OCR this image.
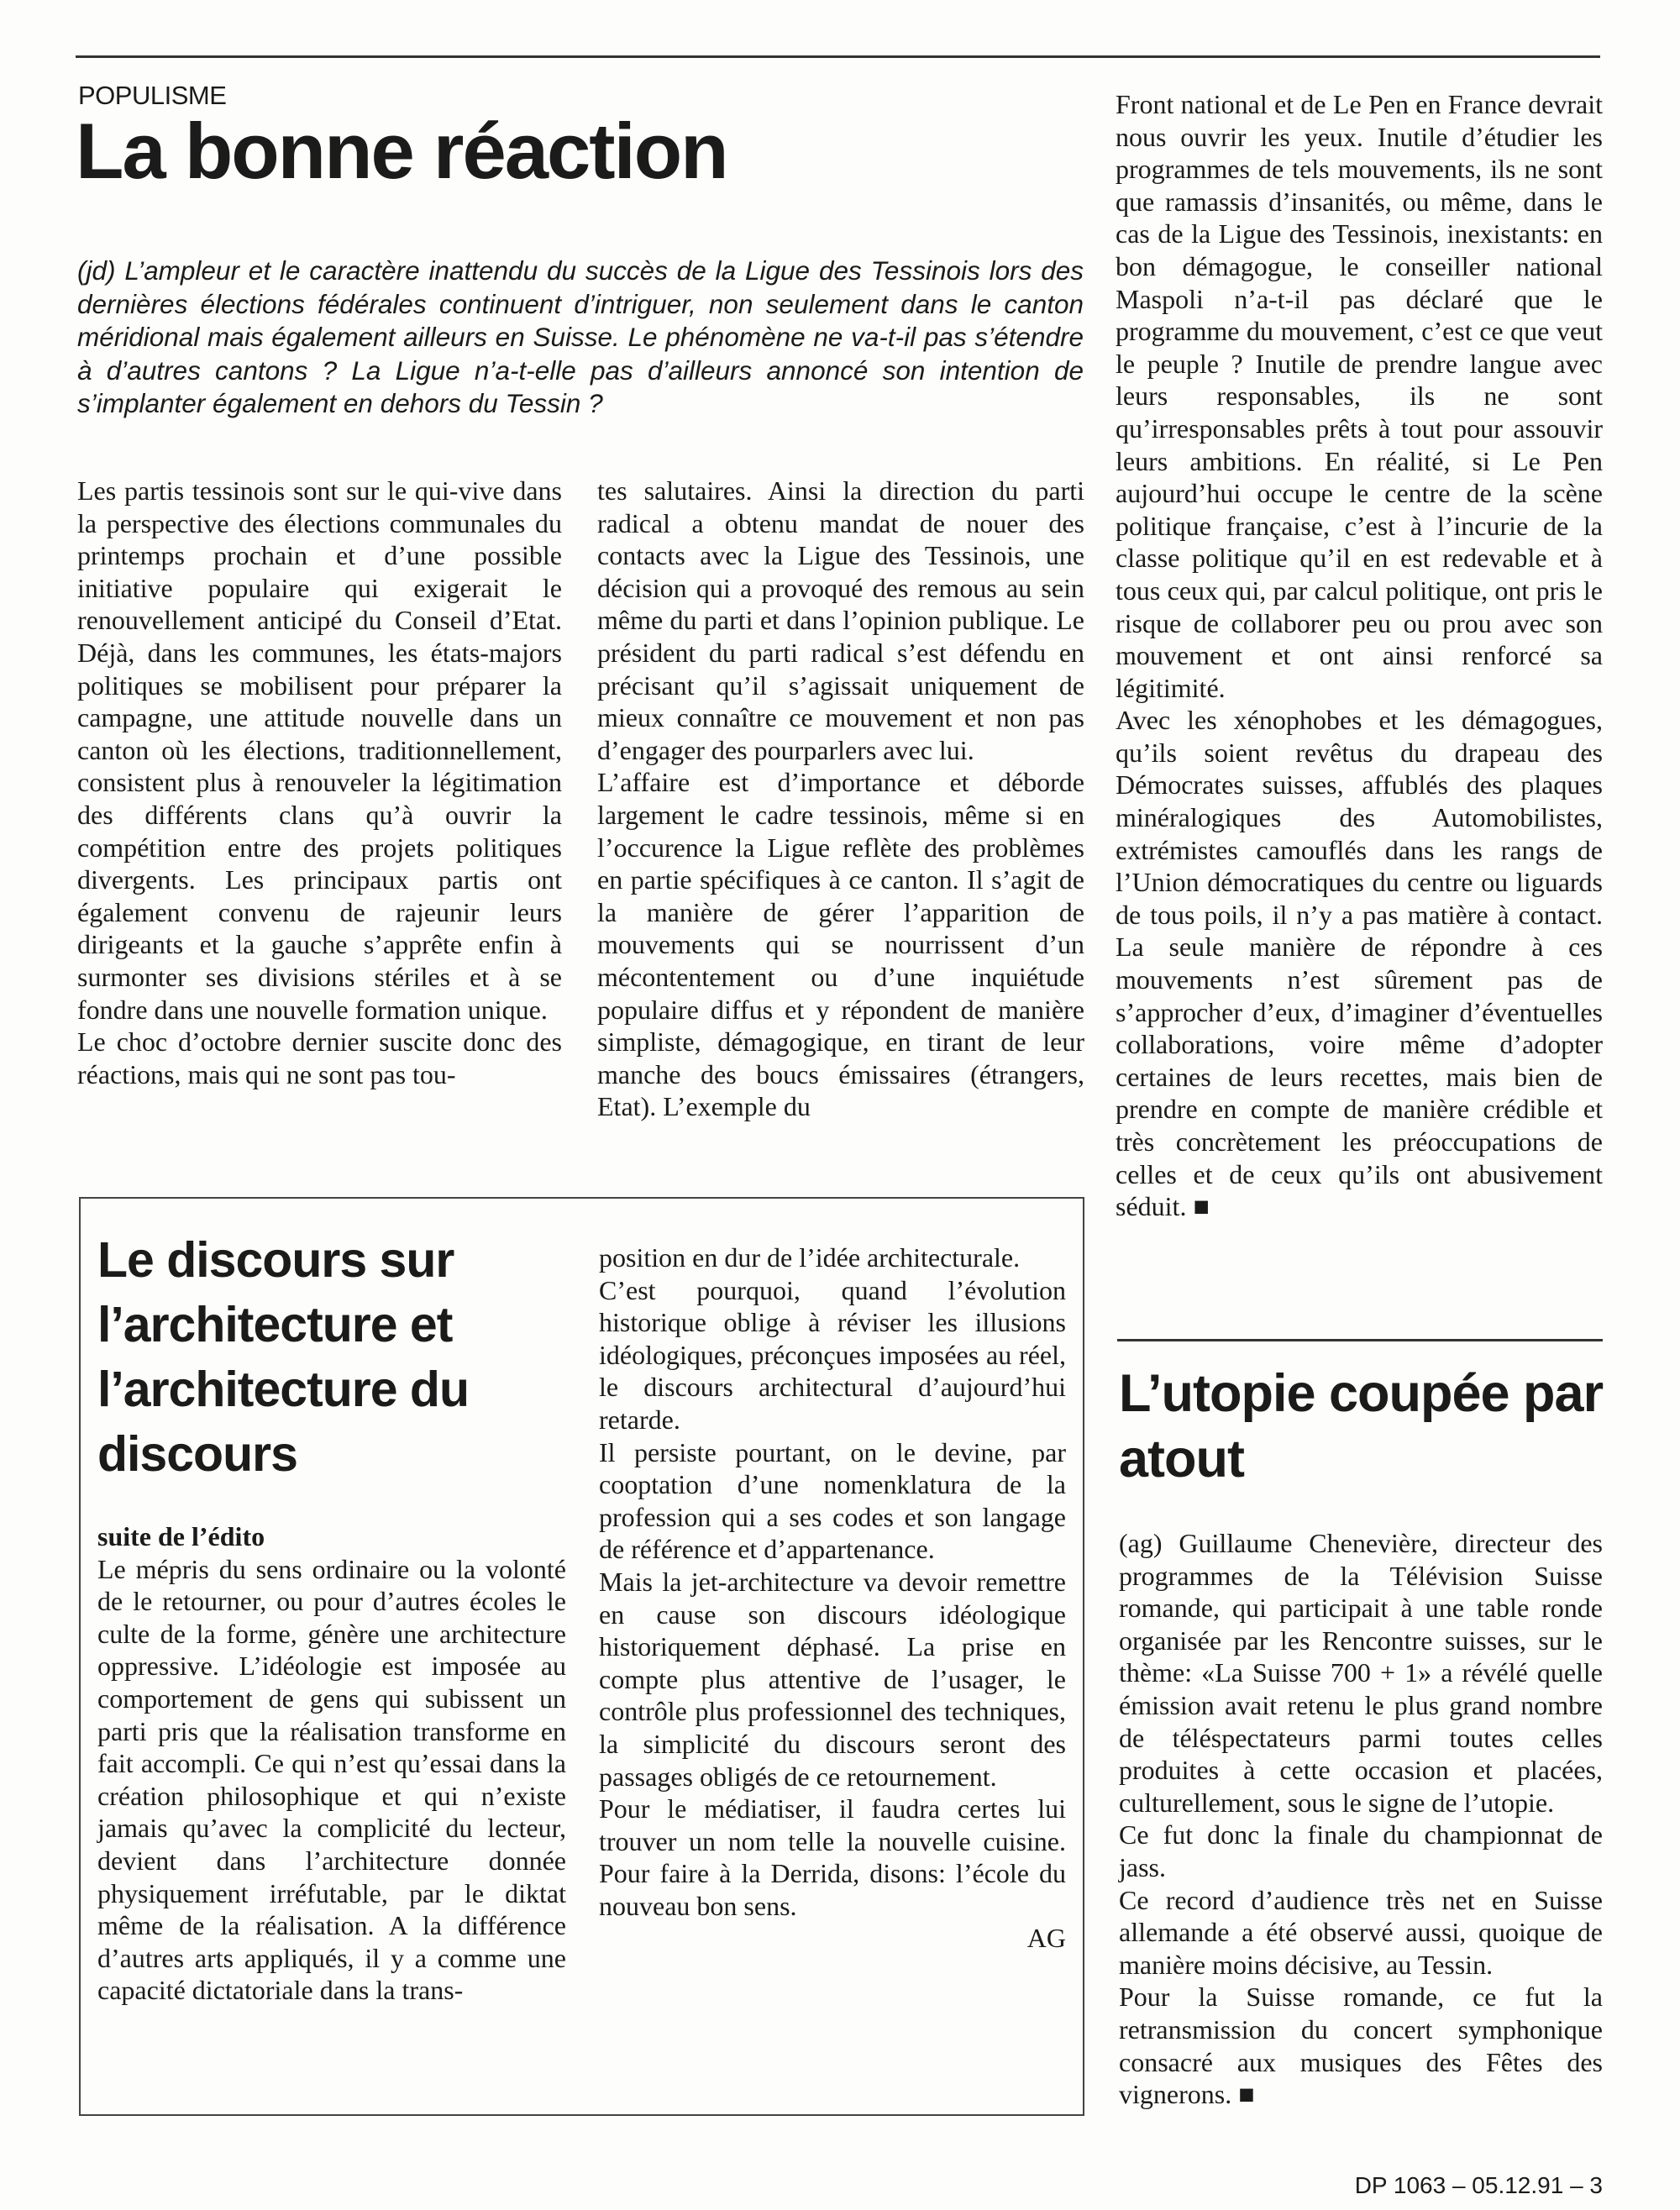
POPULISME
La bonne réaction

(jd) L’ampleur et le caractère inattendu du succès de la Ligue des Tessinois lors des dernières élections fédérales continuent d’intriguer, non seulement dans le canton méridional mais également ailleurs en Suisse. Le phénomène ne va-t-il pas s’étendre à d’autres cantons ? La Ligue n’a-t-elle pas d’ailleurs annoncé son intention de s’implanter également en dehors du Tessin ?

Les partis tessinois sont sur le qui-vive dans la perspective des élections communales du printemps prochain et d’une possible initiative populaire qui exigerait le renouvellement anticipé du Conseil d’Etat. Déjà, dans les communes, les états-majors politiques se mobilisent pour préparer la campagne, une attitude nouvelle dans un canton où les élections, traditionnellement, consistent plus à renouveler la légitimation des différents clans qu’à ouvrir la compétition entre des projets politiques divergents. Les principaux partis ont également convenu de rajeunir leurs dirigeants et la gauche s’apprête enfin à surmonter ses divisions stériles et à se fondre dans une nouvelle formation unique.

Le choc d’octobre dernier suscite donc des réactions, mais qui ne sont pas tou-

tes salutaires. Ainsi la direction du parti radical a obtenu mandat de nouer des contacts avec la Ligue des Tessinois, une décision qui a provoqué des remous au sein même du parti et dans l’opinion publique. Le président du parti radical s’est défendu en précisant qu’il s’agissait uniquement de mieux connaître ce mouvement et non pas d’engager des pourparlers avec lui.

L’affaire est d’importance et déborde largement le cadre tessinois, même si en l’occurence la Ligue reflète des problèmes en partie spécifiques à ce canton. Il s’agit de la manière de gérer l’apparition de mouvements qui se nourrissent d’un mécontentement ou d’une inquiétude populaire diffus et y répondent de manière simpliste, démagogique, en tirant de leur manche des boucs émissaires (étrangers, Etat). L’exemple du

Front national et de Le Pen en France devrait nous ouvrir les yeux. Inutile d’étudier les programmes de tels mouvements, ils ne sont que ramassis d’insanités, ou même, dans le cas de la Ligue des Tessinois, inexistants: en bon démagogue, le conseiller national Maspoli n’a-t-il pas déclaré que le programme du mouvement, c’est ce que veut le peuple ? Inutile de prendre langue avec leurs responsables, ils ne sont qu’irresponsables prêts à tout pour assouvir leurs ambitions. En réalité, si Le Pen aujourd’hui occupe le centre de la scène politique française, c’est à l’incurie de la classe politique qu’il en est redevable et à tous ceux qui, par calcul politique, ont pris le risque de collaborer peu ou prou avec son mouvement et ont ainsi renforcé sa légitimité.

Avec les xénophobes et les démagogues, qu’ils soient revêtus du drapeau des Démocrates suisses, affublés des plaques minéralogiques des Automobilistes, extrémistes camouflés dans les rangs de l’Union démocratiques du centre ou liguards de tous poils, il n’y a pas matière à contact. La seule manière de répondre à ces mouvements n’est sûrement pas de s’approcher d’eux, d’imaginer d’éventuelles collaborations, voire même d’adopter certaines de leurs recettes, mais bien de prendre en compte de manière crédible et très concrètement les préoccupations de celles et de ceux qu’ils ont abusivement séduit. ■

Le discours sur l’architecture et l’architecture du discours

suite de l’édito

Le mépris du sens ordinaire ou la volonté de le retourner, ou pour d’autres écoles le culte de la forme, génère une architecture oppressive. L’idéologie est imposée au comportement de gens qui subissent un parti pris que la réalisation transforme en fait accompli. Ce qui n’est qu’essai dans la création philosophique et qui n’existe jamais qu’avec la complicité du lecteur, devient dans l’architecture donnée physiquement irréfutable, par le diktat même de la réalisation. A la différence d’autres arts appliqués, il y a comme une capacité dictatoriale dans la trans-

position en dur de l’idée architecturale.

C’est pourquoi, quand l’évolution historique oblige à réviser les illusions idéologiques, préconçues imposées au réel, le discours architectural d’aujourd’hui retarde.

Il persiste pourtant, on le devine, par cooptation d’une nomenklatura de la profession qui a ses codes et son langage de référence et d’appartenance.

Mais la jet-architecture va devoir remettre en cause son discours idéologique historiquement déphasé. La prise en compte plus attentive de l’usager, le contrôle plus professionnel des techniques, la simplicité du discours seront des passages obligés de ce retournement.

Pour le médiatiser, il faudra certes lui trouver un nom telle la nouvelle cuisine. Pour faire à la Derrida, disons: l’école du nouveau bon sens.

AG

L’utopie coupée par atout

(ag) Guillaume Chenevière, directeur des programmes de la Télévision Suisse romande, qui participait à une table ronde organisée par les Rencontre suisses, sur le thème: «La Suisse 700 + 1» a révélé quelle émission avait retenu le plus grand nombre de téléspectateurs parmi toutes celles produites à cette occasion et placées, culturellement, sous le signe de l’utopie.

Ce fut donc la finale du championnat de jass.

Ce record d’audience très net en Suisse allemande a été observé aussi, quoique de manière moins décisive, au Tessin.

Pour la Suisse romande, ce fut la retransmission du concert symphonique consacré aux musiques des Fêtes des vignerons. ■

DP 1063 – 05.12.91 – 3
